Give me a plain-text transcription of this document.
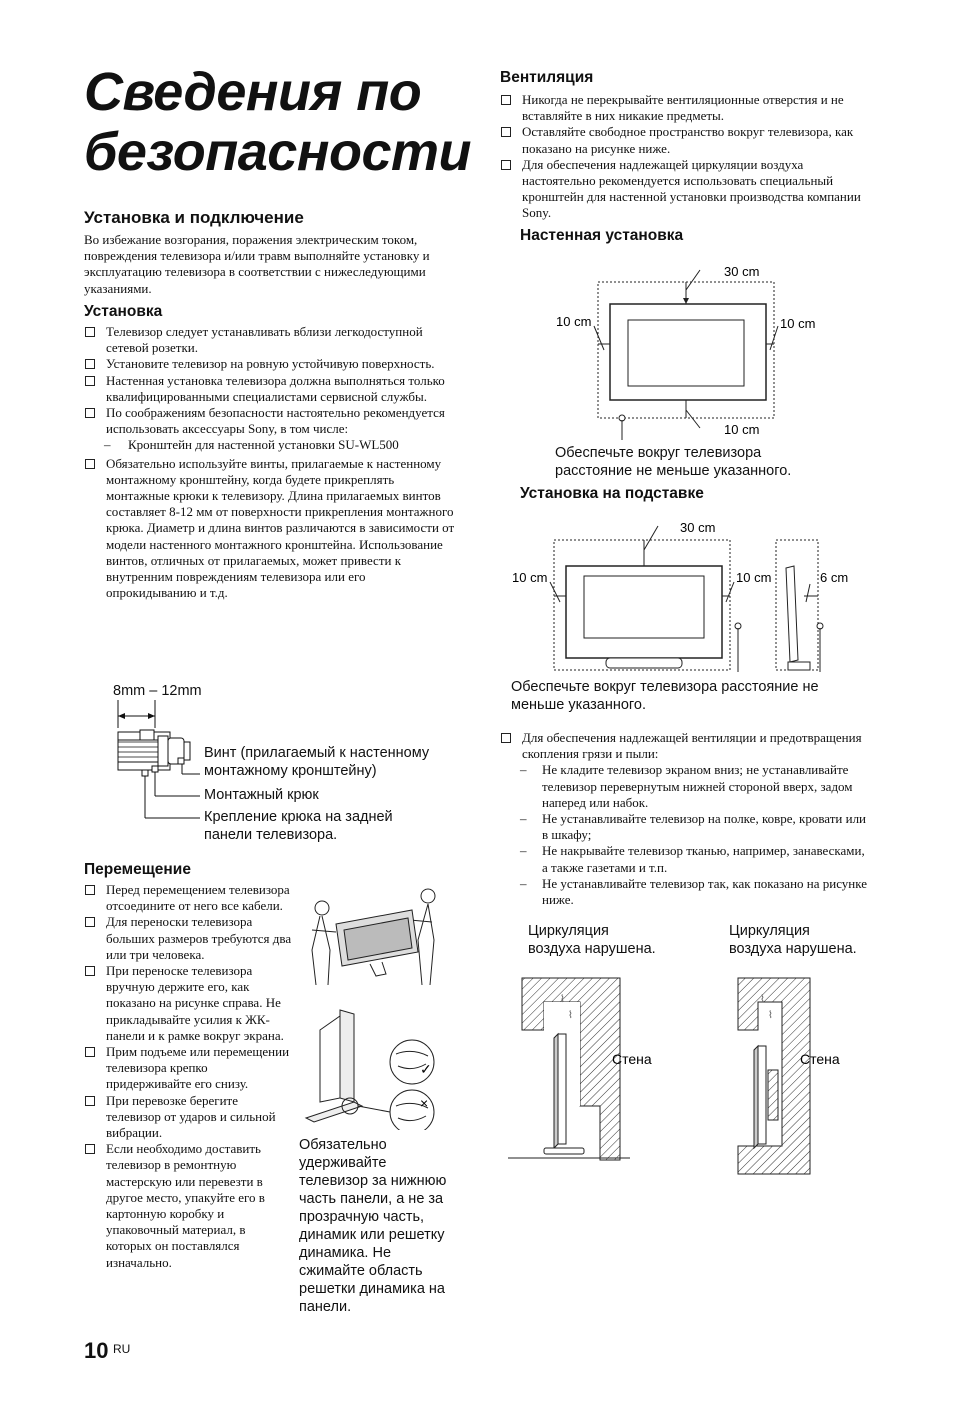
Сведения по
безопасности
Установка и подключение
Во избежание возгорания, поражения электрическим током, повреждения телевизора и/или травм выполняйте установку и эксплуатацию телевизора в соответствии с нижеследующими указаниями.
Установка
Телевизор следует устанавливать вблизи легкодоступной сетевой розетки.
Установите телевизор на ровную устойчивую поверхность.
Настенная установка телевизора должна выполняться только квалифицированными специалистами сервисной службы.
По соображениям безопасности настоятельно рекомендуется использовать аксессуары Sony, в том числе:
– Кронштейн для настенной установки SU-WL500
Обязательно используйте винты, прилагаемые к настенному монтажному кронштейну, когда будете прикреплять монтажные крюки к телевизору. Длина прилагаемых винтов составляет 8-12 мм от поверхности прикрепления монтажного крюка. Диаметр и длина винтов различаются в зависимости от модели настенного монтажного кронштейна. Использование винтов, отличных от прилагаемых, может привести к внутренним повреждениям телевизора или его опрокидыванию и т.д.
8mm – 12mm
Винт (прилагаемый к настенному
монтажному кронштейну)
Монтажный крюк
Крепление крюка на задней
панели телевизора.
Перемещение
Перед перемещением телевизора отсоедините от него все кабели.
Для переноски телевизора больших размеров требуются два или три человека.
При переноске телевизора вручную держите его, как показано на рисунке справа. Не прикладывайте усилия к ЖК-панели и к рамке вокруг экрана.
Прим подъеме или перемещении телевизора крепко придерживайте его снизу.
При перевозке берегите телевизор от ударов и сильной вибрации.
Если необходимо доставить телевизор в ремонтную мастерскую или перевезти в другое место, упакуйте его в картонную коробку и упаковочный материал, в которых он поставлялся изначально.
✓
×
Обязательно удерживайте телевизор за нижнюю часть панели, а не за прозрачную часть, динамик или решетку динамика. Не сжимайте область решетки динамика на панели.
Вентиляция
Никогда не перекрывайте вентиляционные отверстия и не вставляйте в них никакие предметы.
Оставляйте свободное пространство вокруг телевизора, как показано на рисунке ниже.
Для обеспечения надлежащей циркуляции воздуха настоятельно рекомендуется использовать специальный кронштейн для настенной установки производства компании Sony.
Настенная установка
30 cm
10 cm	10 cm
10 cm
Обеспечьте вокруг телевизора
расстояние не меньше указанного.
Установка на подставке
30 cm
10 cm	10 cm	6 cm
Обеспечьте вокруг телевизора расстояние не
меньше указанного.
Для обеспечения надлежащей вентиляции и предотвращения скопления грязи и пыли:
– Не кладите телевизор экраном вниз; не устанавливайте телевизор перевернутым нижней стороной вверх, задом наперед или набок.
– Не устанавливайте телевизор на полке, ковре, кровати или в шкафу;
– Не накрывайте телевизор тканью, например, занавесками, а также газетами и т.п.
– Не устанавливайте телевизор так, как показано на рисунке ниже.
Циркуляция
воздуха нарушена.
Циркуляция
воздуха нарушена.
⌇
⌇
⌇
⌇
Стена	Стена
10 RU
